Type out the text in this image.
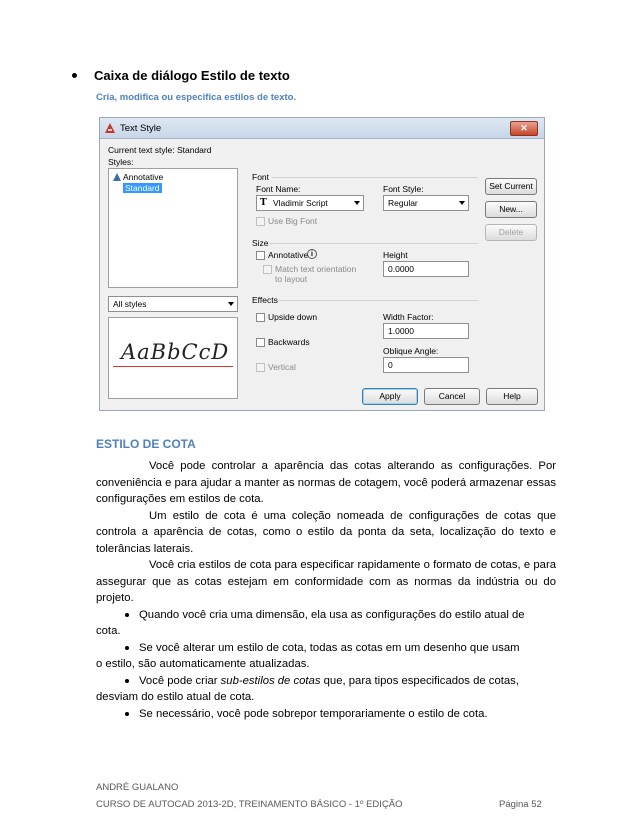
Caixa de diálogo Estilo de texto
Cria, modifica ou especifica estilos de texto.
Text Style	✕
Current text style: Standard
Styles:
Annotative
Standard
All styles
AaBbCcD
Font
Font Name:
T Vladimir Script
Font Style:
Regular
Use Big Font
Size
Annotative i
Match text orientation
to layout
Height
0.0000
Effects
Upside down
Backwards
Vertical
Width Factor:
1.0000
Oblique Angle:
0
Set Current
New...
Delete
Apply	Cancel	Help
ESTILO DE COTA

Você pode controlar a aparência das cotas alterando as configurações. Por conveniência e para ajudar a manter as normas de cotagem, você poderá armazenar essas configurações em estilos de cota.

Um estilo de cota é uma coleção nomeada de configurações de cotas que controla a aparência de cotas, como o estilo da ponta da seta, localização do texto e tolerâncias laterais.

Você cria estilos de cota para especificar rapidamente o formato de cotas, e para assegurar que as cotas estejam em conformidade com as normas da indústria ou do projeto.

Quando você cria uma dimensão, ela usa as configurações do estilo atual de
cota.
Se você alterar um estilo de cota, todas as cotas em um desenho que usam
o estilo, são automaticamente atualizadas.
Você pode criar sub-estilos de cotas que, para tipos especificados de cotas,
desviam do estilo atual de cota.
Se necessário, você pode sobrepor temporariamente o estilo de cota.
ANDRÉ GUALANO
CURSO DE AUTOCAD 2013-2D, TREINAMENTO BÁSICO - 1º EDIÇÃO	Página 52
